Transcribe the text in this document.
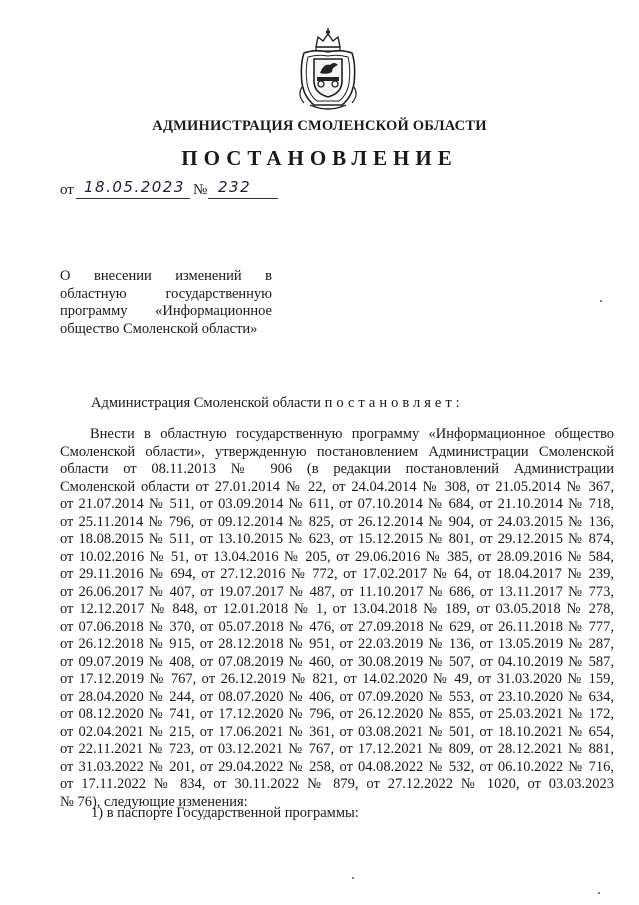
АДМИНИСТРАЦИЯ СМОЛЕНСКОЙ ОБЛАСТИ
ПОСТАНОВЛЕНИЕ
от 18.05.2023 № 232
О внесении изменений в
областную государственную
программу «Информационное
общество Смоленской области»
Администрация Смоленской области постановляет:
Внести в областную государственную программу «Информационное общество
Смоленской области», утвержденную постановлением Администрации Смоленской
области от 08.11.2013 № 906 (в редакции постановлений Администрации
Смоленской области от 27.01.2014 № 22, от 24.04.2014 № 308, от 21.05.2014 № 367,
от 21.07.2014 № 511, от 03.09.2014 № 611, от 07.10.2014 № 684, от 21.10.2014 № 718,
от 25.11.2014 № 796, от 09.12.2014 № 825, от 26.12.2014 № 904, от 24.03.2015 № 136,
от 18.08.2015 № 511, от 13.10.2015 № 623, от 15.12.2015 № 801, от 29.12.2015 № 874,
от 10.02.2016 № 51, от 13.04.2016 № 205, от 29.06.2016 № 385, от 28.09.2016 № 584,
от 29.11.2016 № 694, от 27.12.2016 № 772, от 17.02.2017 № 64, от 18.04.2017 № 239,
от 26.06.2017 № 407, от 19.07.2017 № 487, от 11.10.2017 № 686, от 13.11.2017 № 773,
от 12.12.2017 № 848, от 12.01.2018 № 1, от 13.04.2018 № 189, от 03.05.2018 № 278,
от 07.06.2018 № 370, от 05.07.2018 № 476, от 27.09.2018 № 629, от 26.11.2018 № 777,
от 26.12.2018 № 915, от 28.12.2018 № 951, от 22.03.2019 № 136, от 13.05.2019 № 287,
от 09.07.2019 № 408, от 07.08.2019 № 460, от 30.08.2019 № 507, от 04.10.2019 № 587,
от 17.12.2019 № 767, от 26.12.2019 № 821, от 14.02.2020 № 49, от 31.03.2020 № 159,
от 28.04.2020 № 244, от 08.07.2020 № 406, от 07.09.2020 № 553, от 23.10.2020 № 634,
от 08.12.2020 № 741, от 17.12.2020 № 796, от 26.12.2020 № 855, от 25.03.2021 № 172,
от 02.04.2021 № 215, от 17.06.2021 № 361, от 03.08.2021 № 501, от 18.10.2021 № 654,
от 22.11.2021 № 723, от 03.12.2021 № 767, от 17.12.2021 № 809, от 28.12.2021 № 881,
от 31.03.2022 № 201, от 29.04.2022 № 258, от 04.08.2022 № 532, от 06.10.2022 № 716,
от 17.11.2022 № 834, от 30.11.2022 № 879, от 27.12.2022 № 1020, от 03.03.2023
№ 76), следующие изменения:
1) в паспорте Государственной программы:
